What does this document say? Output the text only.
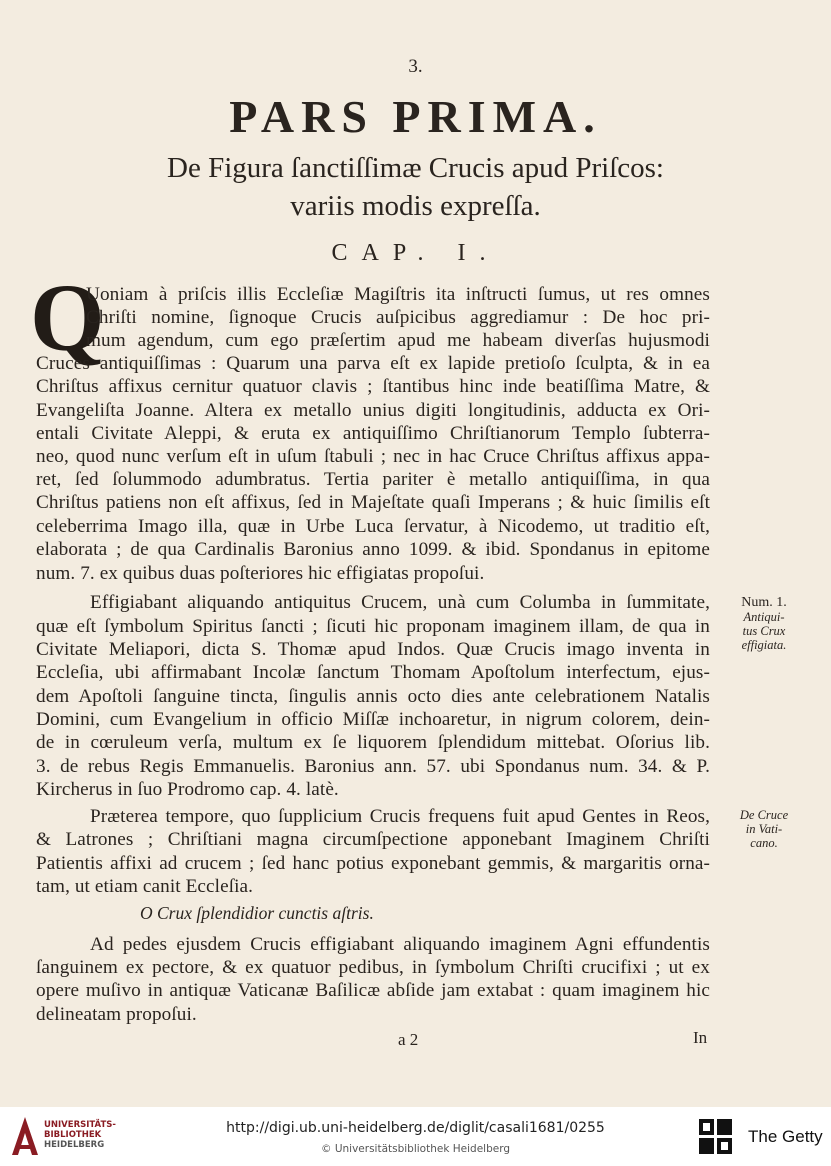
3.
PARS PRIMA.
De Figura ſanctiſſimæ Crucis apud Priſcos:
variis modis expreſſa.
CAP. I.
Q
Uoniam à priſcis illis Eccleſiæ Magiſtris ita inſtructi ſumus, ut res omnes
Chriſti nomine, ſignoque Crucis auſpicibus aggrediamur : De hoc pri-
mum agendum, cum ego præſertim apud me habeam diverſas hujusmodi
Cruces antiquiſſimas : Quarum una parva eſt ex lapide pretioſo ſculpta, & in ea
Chriſtus affixus cernitur quatuor clavis ; ſtantibus hinc inde beatiſſima Matre, &
Evangeliſta Joanne. Altera ex metallo unius digiti longitudinis, adducta ex Ori-
entali Civitate Aleppi, & eruta ex antiquiſſimo Chriſtianorum Templo ſubterra-
neo, quod nunc verſum eſt in uſum ſtabuli ; nec in hac Cruce Chriſtus affixus appa-
ret, ſed ſolummodo adumbratus. Tertia pariter è metallo antiquiſſima, in qua
Chriſtus patiens non eſt affixus, ſed in Majeſtate quaſi Imperans ; & huic ſimilis eſt
celeberrima Imago illa, quæ in Urbe Luca ſervatur, à Nicodemo, ut traditio eſt,
elaborata ; de qua Cardinalis Baronius anno 1099. & ibid. Spondanus in epitome
num. 7. ex quibus duas poſteriores hic effigiatas propoſui.
Effigiabant aliquando antiquitus Crucem, unà cum Columba in ſummitate,
quæ eſt ſymbolum Spiritus ſancti ; ſicuti hic proponam imaginem illam, de qua in
Civitate Meliapori, dicta S. Thomæ apud Indos. Quæ Crucis imago inventa in
Eccleſia, ubi affirmabant Incolæ ſanctum Thomam Apoſtolum interfectum, ejus-
dem Apoſtoli ſanguine tincta, ſingulis annis octo dies ante celebrationem Natalis
Domini, cum Evangelium in officio Miſſæ inchoaretur, in nigrum colorem, dein-
de in cœruleum verſa, multum ex ſe liquorem ſplendidum mittebat. Oſorius lib.
3. de rebus Regis Emmanuelis. Baronius ann. 57. ubi Spondanus num. 34. & P.
Kircherus in ſuo Prodromo cap. 4. latè.
Præterea tempore, quo ſupplicium Crucis frequens fuit apud Gentes in Reos,
& Latrones ; Chriſtiani magna circumſpectione apponebant Imaginem Chriſti
Patientis affixi ad crucem ; ſed hanc potius exponebant gemmis, & margaritis orna-
tam, ut etiam canit Eccleſia.
Ad pedes ejusdem Crucis effigiabant aliquando imaginem Agni effundentis
ſanguinem ex pectore, & ex quatuor pedibus, in ſymbolum Chriſti crucifixi ; ut ex
opere muſivo in antiquæ Vaticanæ Baſilicæ abſide jam extabat : quam imaginem hic
delineatam propoſui.
O Crux ſplendidior cunctis aſtris.
Num. 1.
Antiqui-
tus Crux
effigiata.
De Cruce
in Vati-
cano.
a 2	In
UNIVERSITÄTS-
BIBLIOTHEK
HEIDELBERG
http://digi.ub.uni-heidelberg.de/diglit/casali1681/0255
© Universitätsbibliothek Heidelberg
The Getty
